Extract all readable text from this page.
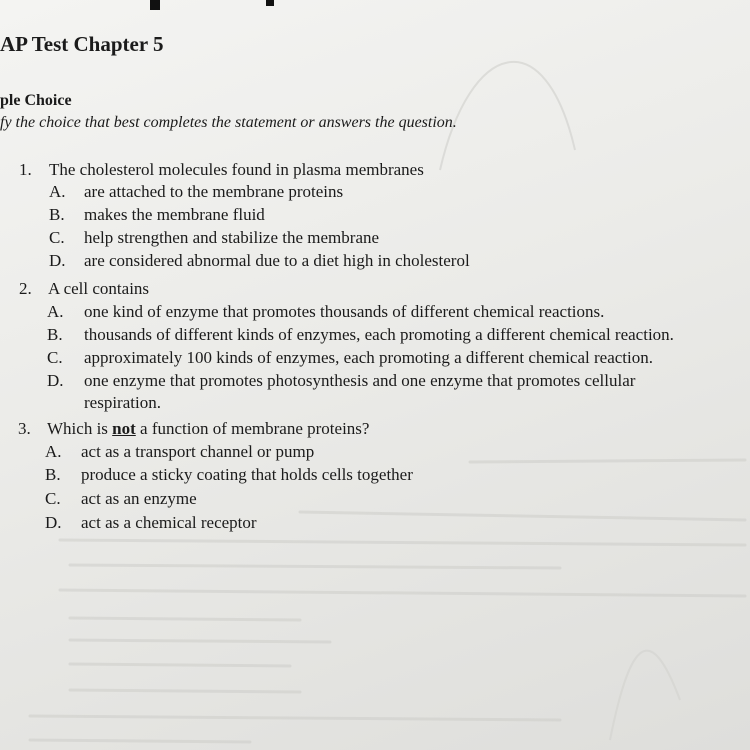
AP Test Chapter 5
ple Choice
fy the choice that best completes the statement or answers the question.
1. The cholesterol molecules found in plasma membranes
A. are attached to the membrane proteins
B. makes the membrane fluid
C. help strengthen and stabilize the membrane
D. are considered abnormal due to a diet high in cholesterol
2. A cell contains
A. one kind of enzyme that promotes thousands of different chemical reactions.
B. thousands of different kinds of enzymes, each promoting a different chemical reaction.
C. approximately 100 kinds of enzymes, each promoting a different chemical reaction.
D. one enzyme that promotes photosynthesis and one enzyme that promotes cellular
respiration.
3. Which is not a function of membrane proteins?
A. act as a transport channel or pump
B. produce a sticky coating that holds cells together
C. act as an enzyme
D. act as a chemical receptor
